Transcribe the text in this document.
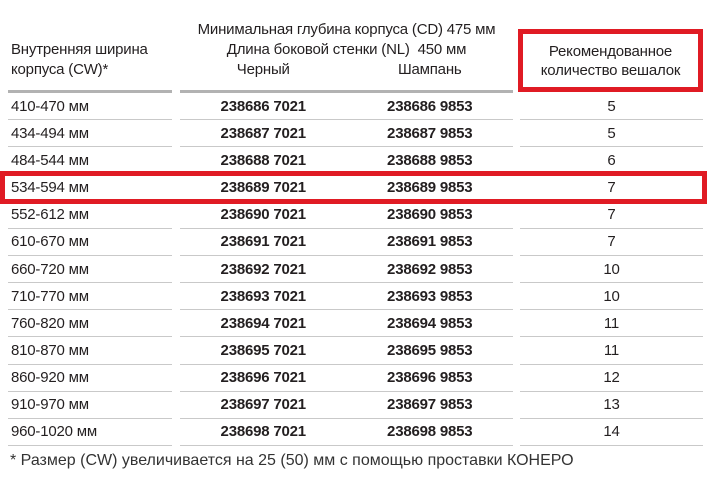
Внутренняя ширина
корпуса (CW)*
Минимальная глубина корпуса (CD) 475 мм
Длина боковой стенки (NL)  450 мм
Черный	Шампань
Рекомендованное
количество вешалок
410-470 мм	238686 7021	238686 9853	5
434-494 мм	238687 7021	238687 9853	5
484-544 мм	238688 7021	238688 9853	6
534-594 мм	238689 7021	238689 9853	7
552-612 мм	238690 7021	238690 9853	7
610-670 мм	238691 7021	238691 9853	7
660-720 мм	238692 7021	238692 9853	10
710-770 мм	238693 7021	238693 9853	10
760-820 мм	238694 7021	238694 9853	11
810-870 мм	238695 7021	238695 9853	11
860-920 мм	238696 7021	238696 9853	12
910-970 мм	238697 7021	238697 9853	13
960-1020 мм	238698 7021	238698 9853	14
* Размер (CW) увеличивается на 25 (50) мм с помощью проставки КОНЕРО
